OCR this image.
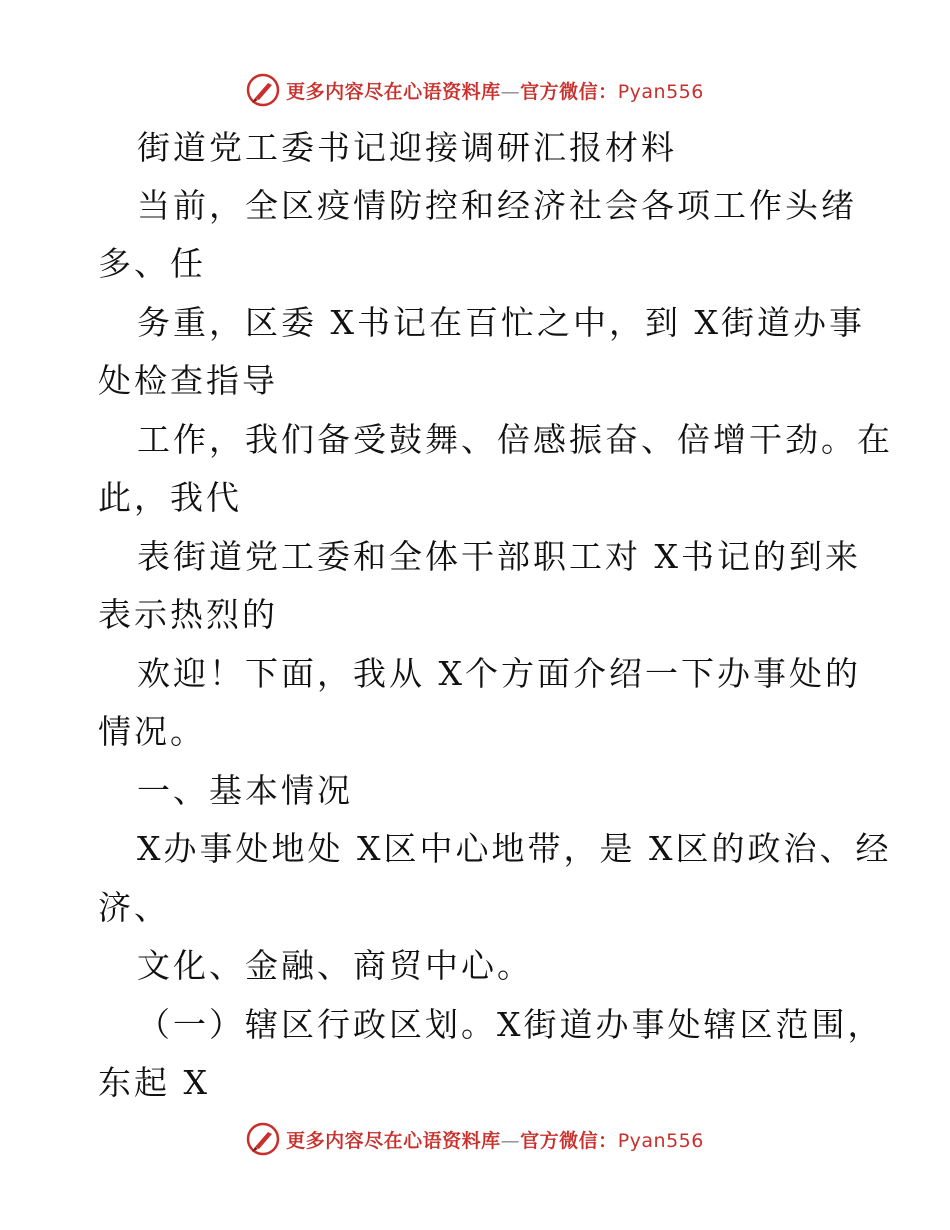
更多内容尽在心语资料库—官方微信：Pyan556
街道党工委书记迎接调研汇报材料
当前，全区疫情防控和经济社会各项工作头绪
多、任
务重，区委 X书记在百忙之中，到 X街道办事
处检查指导
工作，我们备受鼓舞、倍感振奋、倍增干劲。在
此，我代
表街道党工委和全体干部职工对 X书记的到来
表示热烈的
欢迎！下面，我从 X个方面介绍一下办事处的
情况。
一、基本情况
X办事处地处 X区中心地带，是 X区的政治、经
济、
文化、金融、商贸中心。
（一）辖区行政区划。X街道办事处辖区范围，
东起 X
更多内容尽在心语资料库—官方微信：Pyan556
